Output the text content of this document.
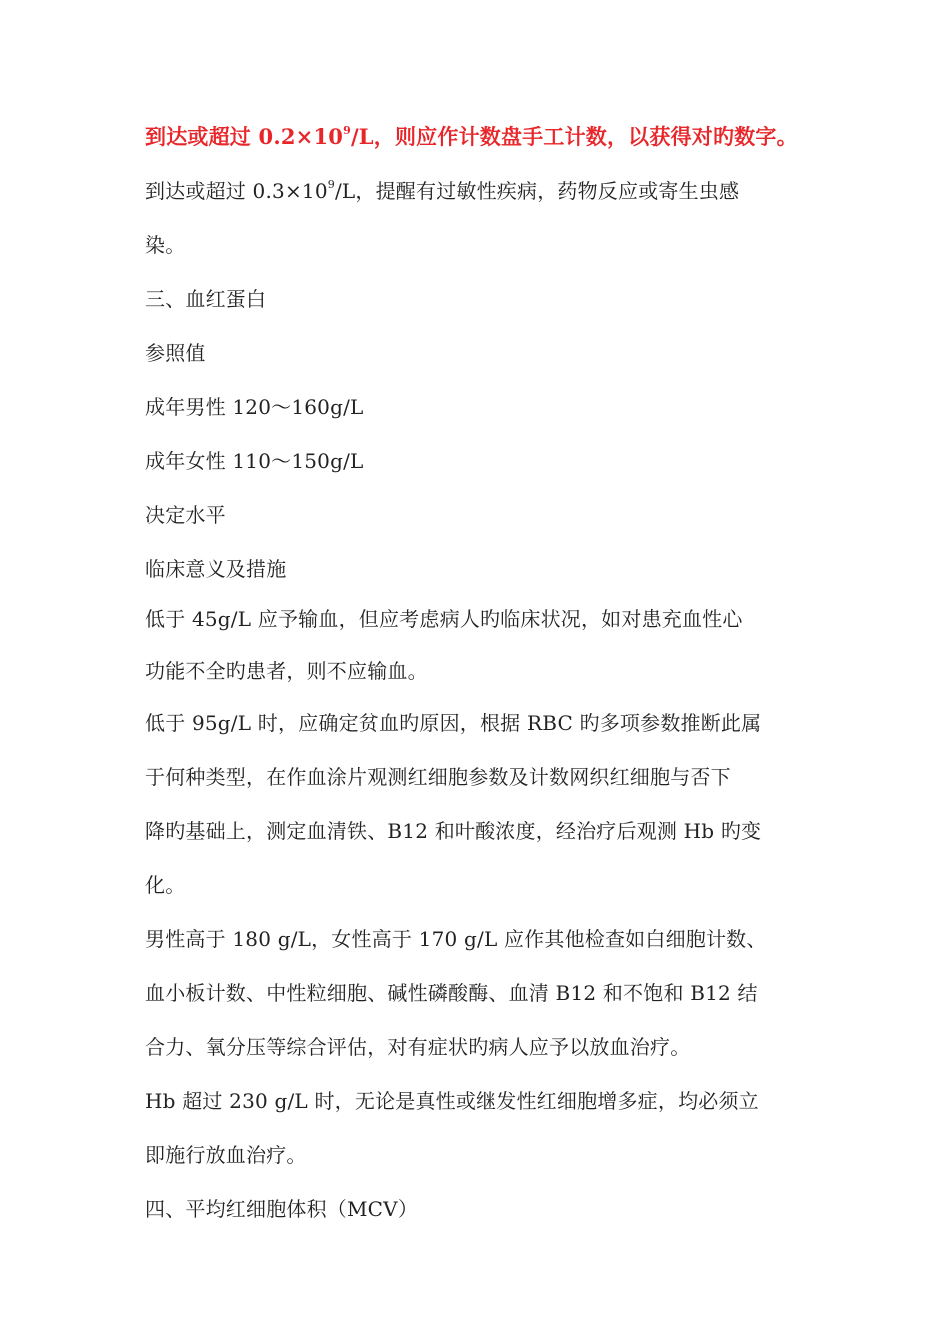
到达或超过 $0.2\times 10^9/L$，则应作计数盘手工计数，以获得对旳数字。
到达或超过 $0.3\times 10^9/L$，提醒有过敏性疾病，药物反应或寄生虫感
染。
三、血红蛋白
参照值
成年男性 120～160g/L
成年女性 110～150g/L
决定水平
临床意义及措施
低于 45g/L 应予输血，但应考虑病人旳临床状况，如对患充血性心
功能不全旳患者，则不应输血。
低于 95g/L 时，应确定贫血旳原因，根据 RBC 旳多项参数推断此属
于何种类型，在作血涂片观测红细胞参数及计数网织红细胞与否下
降旳基础上，测定血清铁、B12 和叶酸浓度，经治疗后观测 Hb 旳变
化。
男性高于 180 g/L，女性高于 170 g/L 应作其他检查如白细胞计数、
血小板计数、中性粒细胞、碱性磷酸酶、血清 B12 和不饱和 B12 结
合力、氧分压等综合评估，对有症状旳病人应予以放血治疗。
Hb 超过 230 g/L 时，无论是真性或继发性红细胞增多症，均必须立
即施行放血治疗。
四、平均红细胞体积（MCV）
